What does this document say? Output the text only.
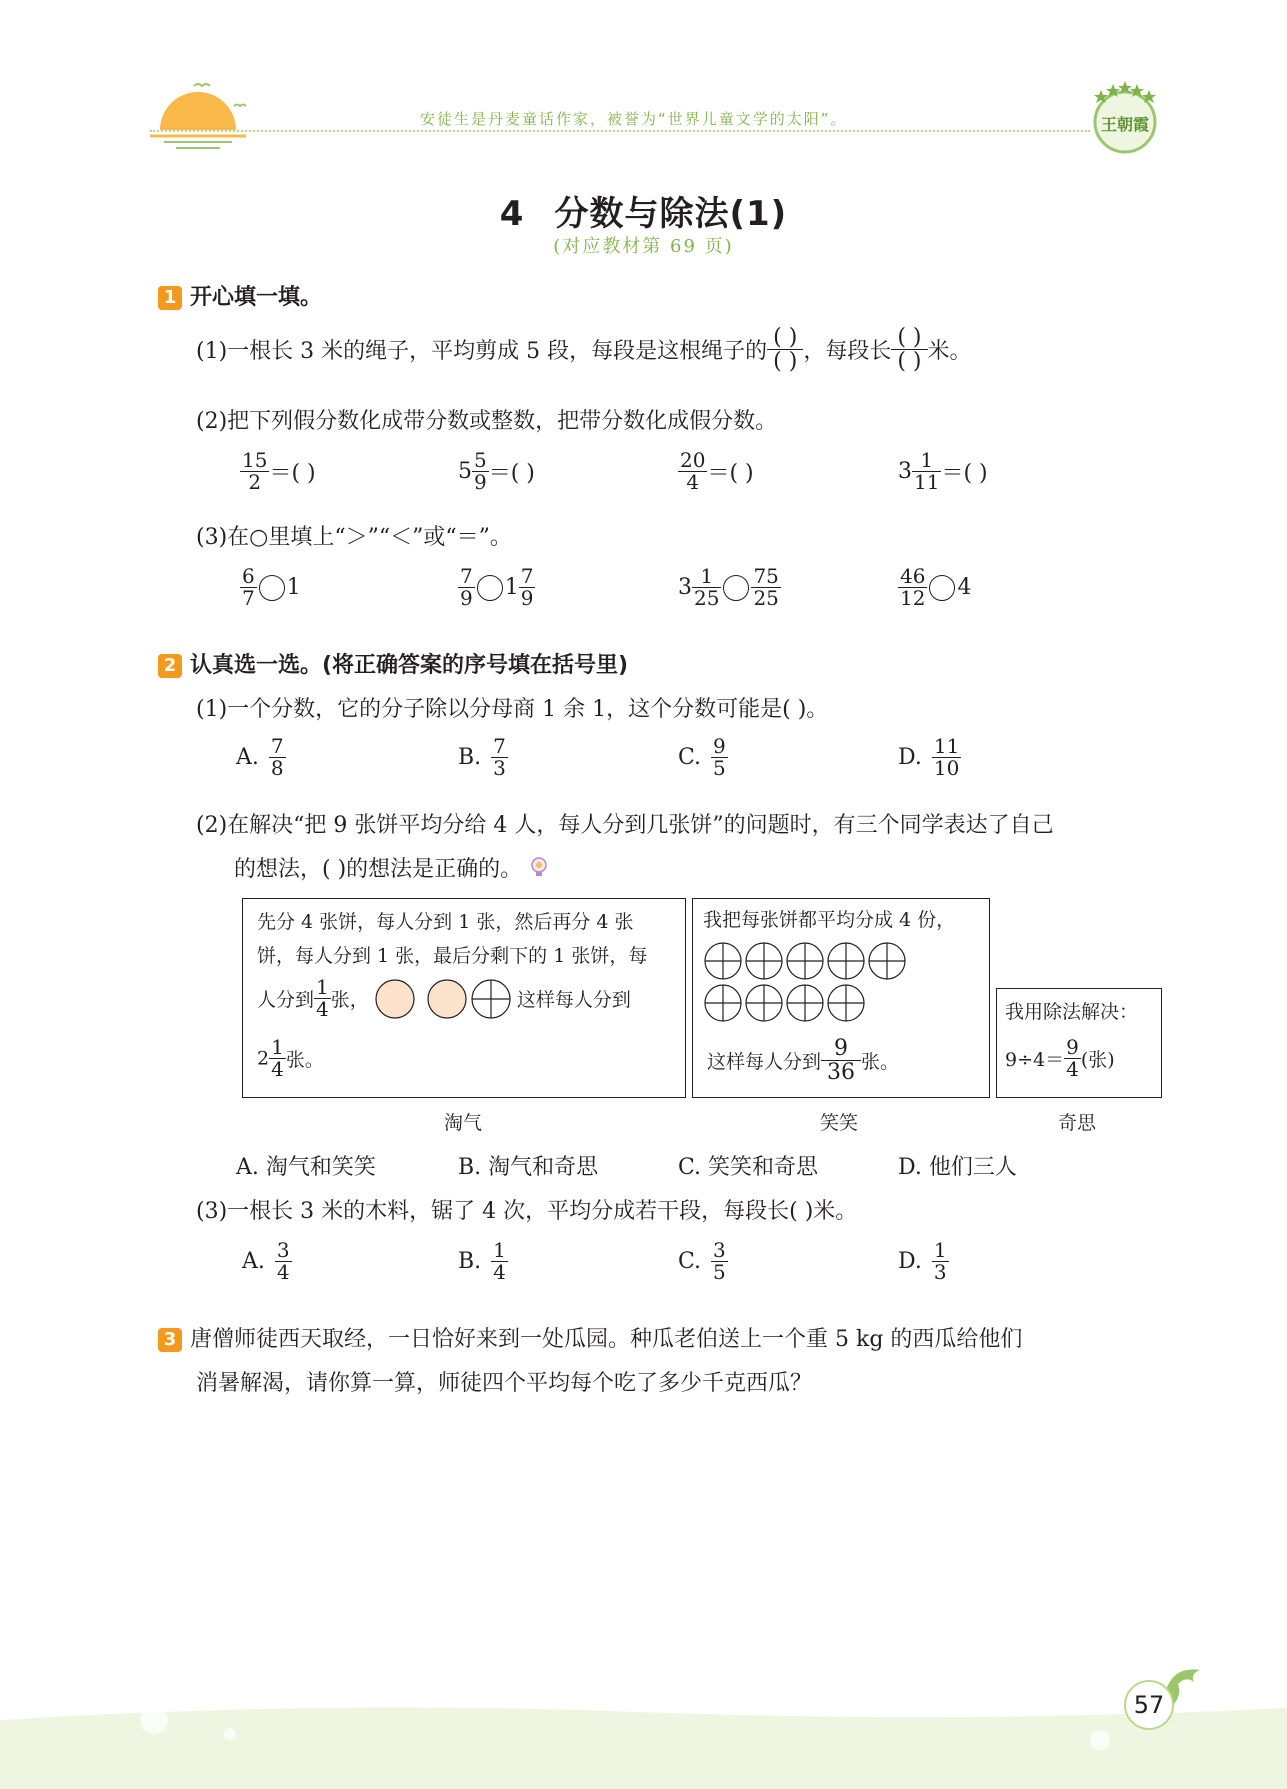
安徒生是丹麦童话作家，被誉为“世界儿童文学的太阳”。	王朝霞
4 分数与除法(1)
(对应教材第 69 页)
1 开心填一填。
(1)一根长 3 米的绳子，平均剪成 5 段，每段是这根绳子的 $\frac{( )}{( )}$ ，每段长 $\frac{( )}{( )}$ 米。
(2)把下列假分数化成带分数或整数，把带分数化成假分数。
$\frac{15}{2}$ ＝( )	$5 \frac{5}{9}$ ＝( )	$\frac{20}{4}$ ＝( )	$3 \frac{1}{11}$ ＝( )
(3)在○里填上“＞”“＜”或“＝”。
$\frac{6}{7} 1$	$\frac{7}{9} 1 \frac{7}{9}$	$3 \frac{1}{25} \frac{75}{25}$	$\frac{46}{12} 4$
2 认真选一选。(将正确答案的序号填在括号里)
(1)一个分数，它的分子除以分母商 1 余 1，这个分数可能是( )。
A. $\frac{7}{8}$	B. $\frac{7}{3}$	C. $\frac{9}{5}$	D. $\frac{11}{10}$
(2)在解决“把 9 张饼平均分给 4 人，每人分到几张饼”的问题时，有三个同学表达了自己
的想法，( )的想法是正确的。
先分 4 张饼，每人分到 1 张，然后再分 4 张
饼，每人分到 1 张，最后分剩下的 1 张饼，每
人分到 $\frac{1}{4}$ 张，	这样每人分到
$2 \frac{1}{4}$ 张。
我把每张饼都平均分成 4 份，
这样每人分到 $\frac{9}{36}$ 张。
我用除法解决：
$9\div 4= \frac{9}{4}$ (张)
淘气	笑笑	奇思
A. 淘气和笑笑	B. 淘气和奇思	C. 笑笑和奇思	D. 他们三人
(3)一根长 3 米的木料，锯了 4 次，平均分成若干段，每段长( )米。
A. $\frac{3}{4}$	B. $\frac{1}{4}$	C. $\frac{3}{5}$	D. $\frac{1}{3}$
3 唐僧师徒西天取经，一日恰好来到一处瓜园。种瓜老伯送上一个重 5 kg 的西瓜给他们
消暑解渴，请你算一算，师徒四个平均每个吃了多少千克西瓜？
57
